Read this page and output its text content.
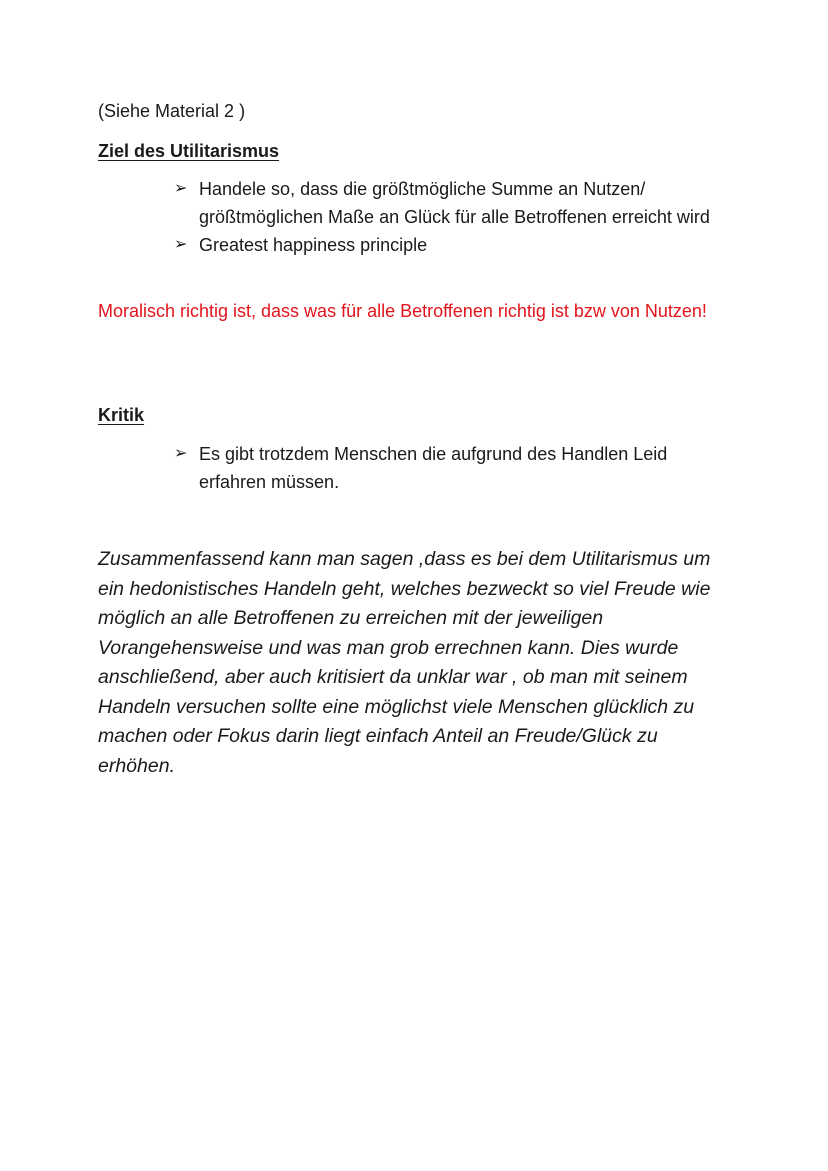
(Siehe Material 2 )
Ziel des Utilitarismus
➢ Handele so, dass die größtmögliche Summe an Nutzen/ größtmöglichen Maße an Glück für alle Betroffenen erreicht wird
➢ Greatest happiness principle
Moralisch richtig ist, dass was für alle Betroffenen richtig ist bzw von Nutzen!
Kritik
➢ Es gibt trotzdem Menschen die aufgrund des Handlen Leid erfahren müssen.
Zusammenfassend kann man sagen ,dass es bei dem Utilitarismus um ein hedonistisches Handeln geht, welches bezweckt so viel Freude wie möglich an alle Betroffenen zu erreichen mit der jeweiligen Vorangehensweise und was man grob errechnen kann. Dies wurde anschließend, aber auch kritisiert da unklar war , ob man mit seinem Handeln versuchen sollte eine möglichst viele Menschen glücklich zu machen oder Fokus darin liegt einfach Anteil an Freude/Glück zu erhöhen.
